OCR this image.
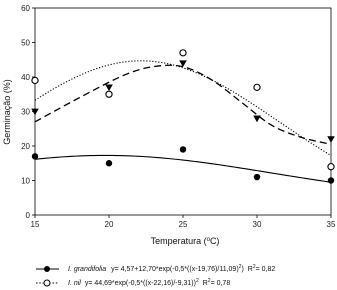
15	20	25	30	35
0
10
20
30
40
50
60
Germinação (%)
Temperatura ($^o$C)
I. grandifolia $y= 4,57+12,70*\exp(-0,5*((x-19,76)/11,09)^2)$ $R^2= 0,82$
I. nil $y= 44,69*\exp(-0,5*((x-22,16)/-9,31))^2$ $R^2= 0,78$
